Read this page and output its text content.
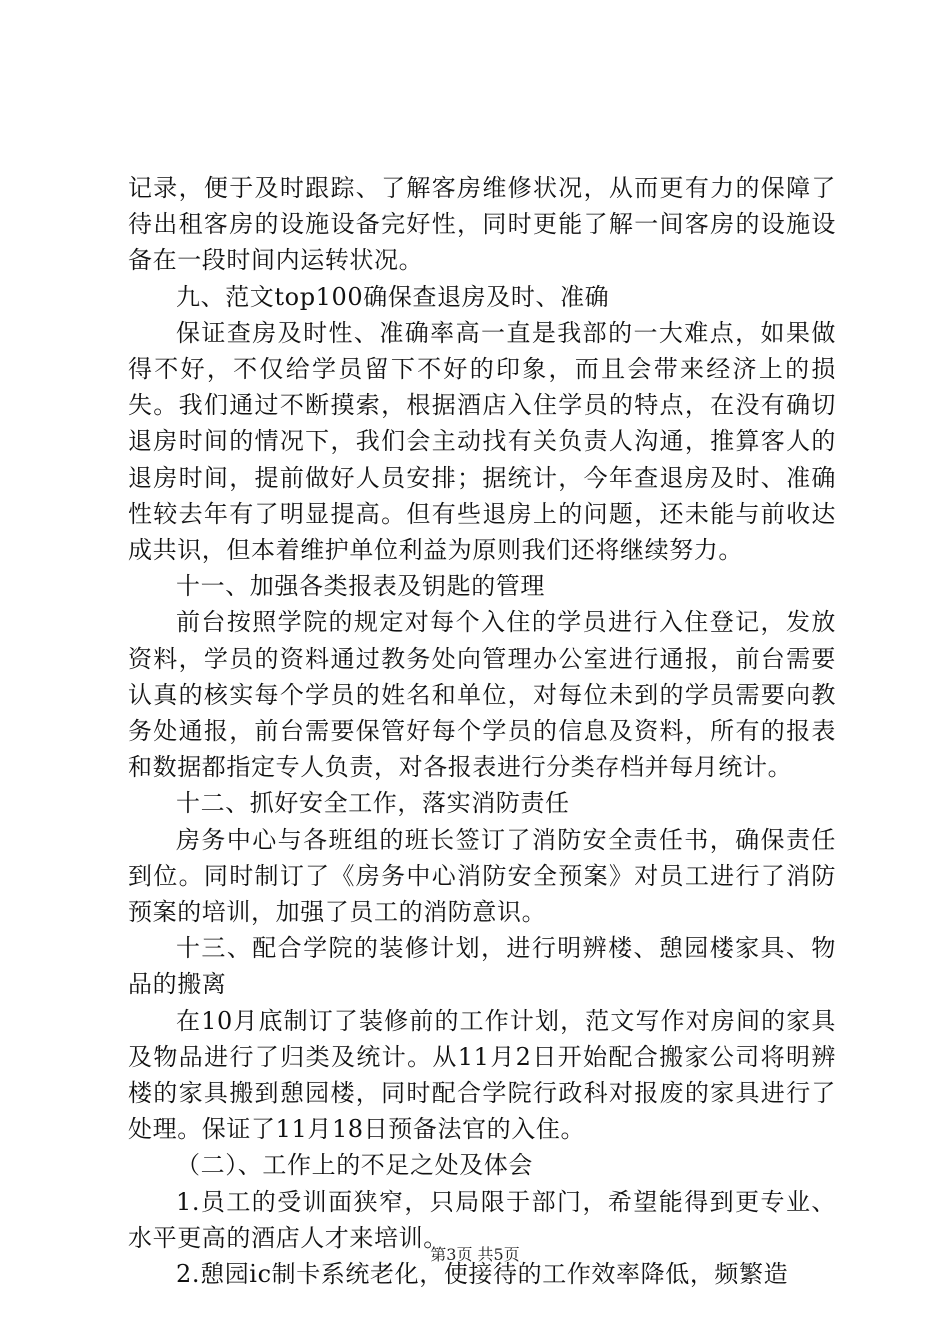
记录，便于及时跟踪、了解客房维修状况，从而更有力的保障了待出租客房的设施设备完好性，同时更能了解一间客房的设施设备在一段时间内运转状况。

九、范文top100确保查退房及时、准确

保证查房及时性、准确率高一直是我部的一大难点，如果做得不好，不仅给学员留下不好的印象，而且会带来经济上的损失。我们通过不断摸索，根据酒店入住学员的特点，在没有确切退房时间的情况下，我们会主动找有关负责人沟通，推算客人的退房时间，提前做好人员安排；据统计，今年查退房及时、准确性较去年有了明显提高。但有些退房上的问题，还未能与前收达成共识，但本着维护单位利益为原则我们还将继续努力。

十一、加强各类报表及钥匙的管理

前台按照学院的规定对每个入住的学员进行入住登记，发放资料，学员的资料通过教务处向管理办公室进行通报，前台需要认真的核实每个学员的姓名和单位，对每位未到的学员需要向教务处通报，前台需要保管好每个学员的信息及资料，所有的报表和数据都指定专人负责，对各报表进行分类存档并每月统计。

十二、抓好安全工作，落实消防责任

房务中心与各班组的班长签订了消防安全责任书，确保责任到位。同时制订了《房务中心消防安全预案》对员工进行了消防预案的培训，加强了员工的消防意识。

十三、配合学院的装修计划，进行明辨楼、憩园楼家具、物品的搬离

在10月底制订了装修前的工作计划，范文写作对房间的家具及物品进行了归类及统计。从11月2日开始配合搬家公司将明辨楼的家具搬到憩园楼，同时配合学院行政科对报废的家具进行了处理。保证了11月18日预备法官的入住。

（二）、工作上的不足之处及体会

1.员工的受训面狭窄，只局限于部门，希望能得到更专业、水平更高的酒店人才来培训。

2.憩园ic制卡系统老化，使接待的工作效率降低，频繁造

第3页 共5页
